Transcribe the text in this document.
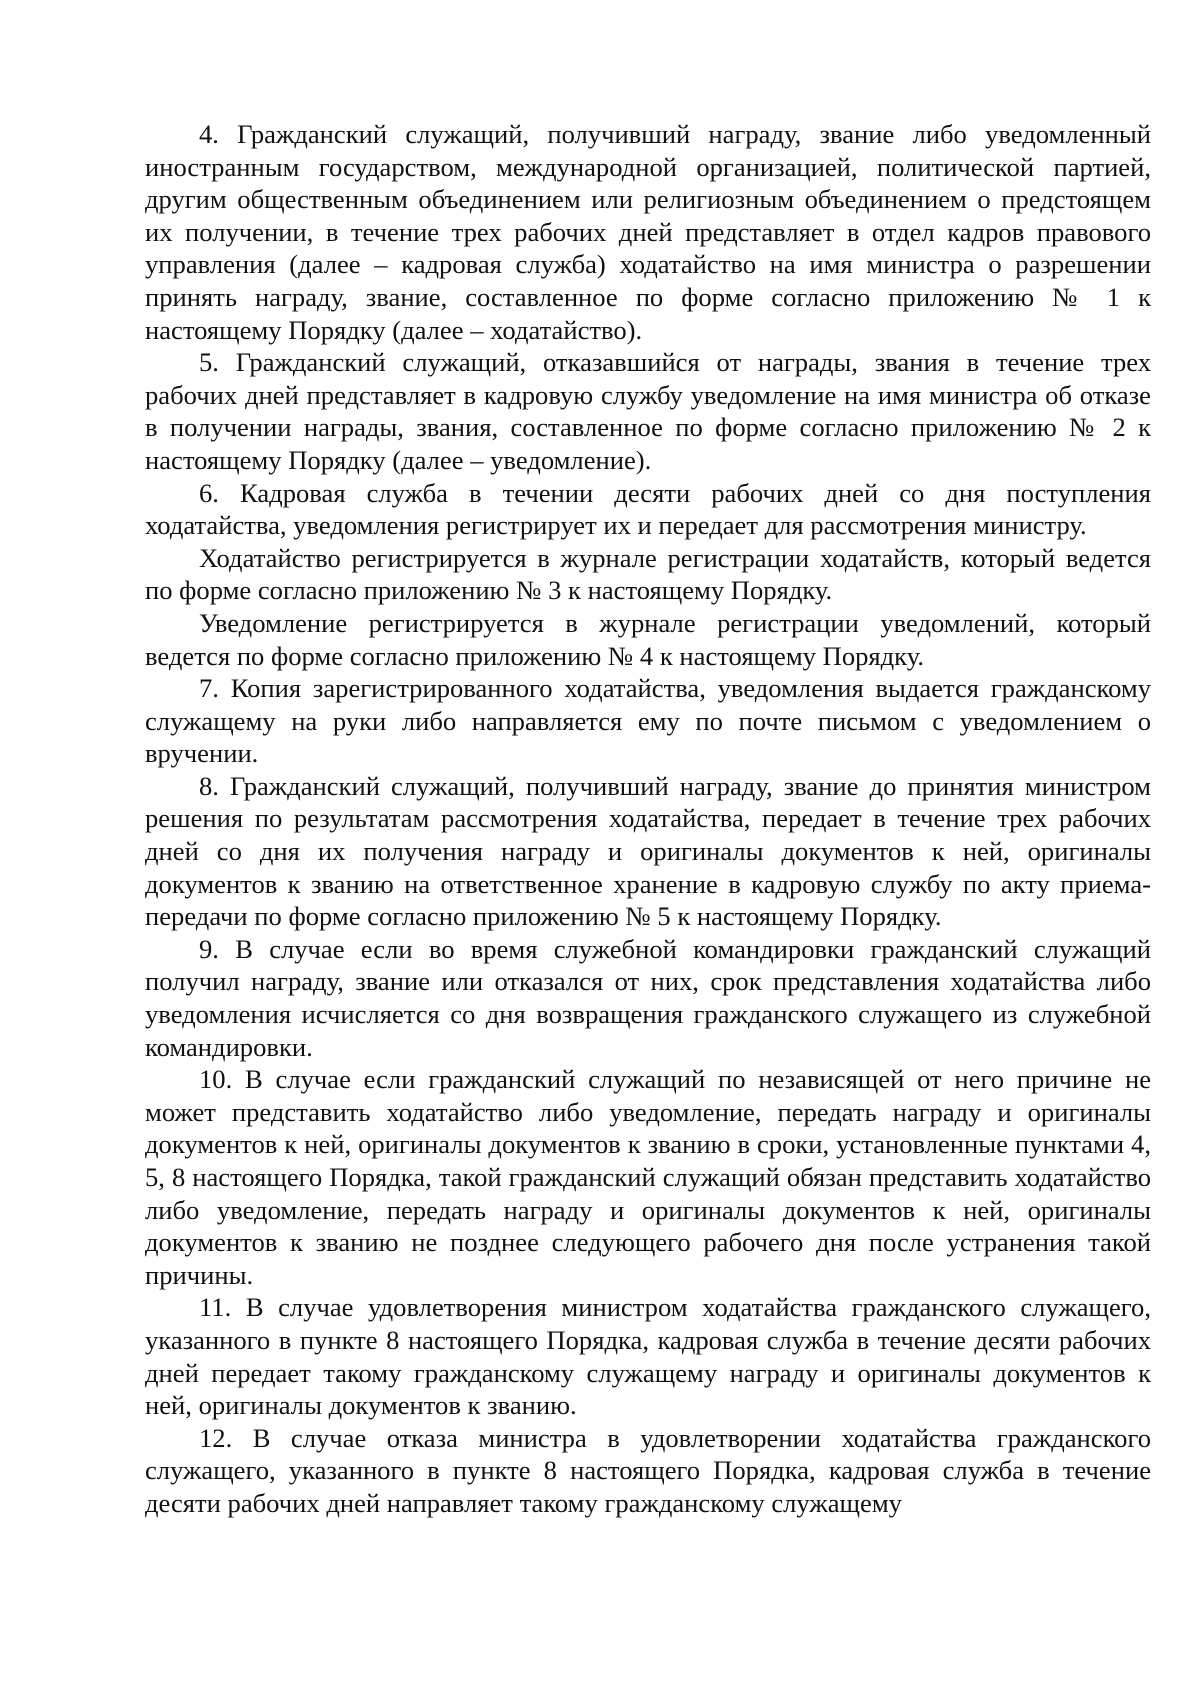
4. Гражданский служащий, получивший награду, звание либо уведомленный иностранным государством, международной организацией, политической партией, другим общественным объединением или религиозным объединением о предстоящем их получении, в течение трех рабочих дней представляет в отдел кадров правового управления (далее – кадровая служба) ходатайство на имя министра о разрешении принять награду, звание, составленное по форме согласно приложению № 1 к настоящему Порядку (далее – ходатайство).

5. Гражданский служащий, отказавшийся от награды, звания в течение трех рабочих дней представляет в кадровую службу уведомление на имя министра об отказе в получении награды, звания, составленное по форме согласно приложению № 2 к настоящему Порядку (далее – уведомление).

6. Кадровая служба в течении десяти рабочих дней со дня поступления ходатайства, уведомления регистрирует их и передает для рассмотрения министру.

Ходатайство регистрируется в журнале регистрации ходатайств, который ведется по форме согласно приложению № 3 к настоящему Порядку.

Уведомление регистрируется в журнале регистрации уведомлений, который ведется по форме согласно приложению № 4 к настоящему Порядку.

7. Копия зарегистрированного ходатайства, уведомления выдается гражданскому служащему на руки либо направляется ему по почте письмом с уведомлением о вручении.

8. Гражданский служащий, получивший награду, звание до принятия министром решения по результатам рассмотрения ходатайства, передает в течение трех рабочих дней со дня их получения награду и оригиналы документов к ней, оригиналы документов к званию на ответственное хранение в кадровую службу по акту приема-передачи по форме согласно приложению № 5 к настоящему Порядку.

9. В случае если во время служебной командировки гражданский служащий получил награду, звание или отказался от них, срок представления ходатайства либо уведомления исчисляется со дня возвращения гражданского служащего из служебной командировки.

10. В случае если гражданский служащий по независящей от него причине не может представить ходатайство либо уведомление, передать награду и оригиналы документов к ней, оригиналы документов к званию в сроки, установленные пунктами 4, 5, 8 настоящего Порядка, такой гражданский служащий обязан представить ходатайство либо уведомление, передать награду и оригиналы документов к ней, оригиналы документов к званию не позднее следующего рабочего дня после устранения такой причины.

11. В случае удовлетворения министром ходатайства гражданского служащего, указанного в пункте 8 настоящего Порядка, кадровая служба в течение десяти рабочих дней передает такому гражданскому служащему награду и оригиналы документов к ней, оригиналы документов к званию.

12. В случае отказа министра в удовлетворении ходатайства гражданского служащего, указанного в пункте 8 настоящего Порядка, кадровая служба в течение десяти рабочих дней направляет такому гражданскому служащему
